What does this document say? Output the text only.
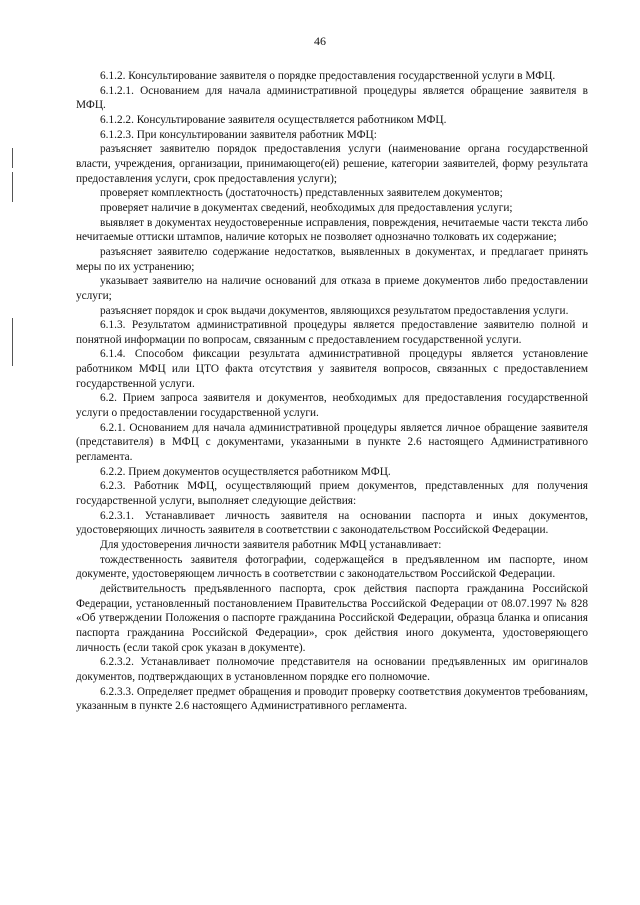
46

6.1.2. Консультирование заявителя о порядке предоставления государственной услуги в МФЦ.

6.1.2.1. Основанием для начала административной процедуры является обращение заявителя в МФЦ.

6.1.2.2. Консультирование заявителя осуществляется работником МФЦ.

6.1.2.3. При консультировании заявителя работник МФЦ:

разъясняет заявителю порядок предоставления услуги (наименование органа государственной власти, учреждения, организации, принимающего(ей) решение, категории заявителей, форму результата предоставления услуги, срок предоставления услуги);

проверяет комплектность (достаточность) представленных заявителем документов;

проверяет наличие в документах сведений, необходимых для предоставления услуги;

выявляет в документах неудостоверенные исправления, повреждения, нечитаемые части текста либо нечитаемые оттиски штампов, наличие которых не позволяет однозначно толковать их содержание;

разъясняет заявителю содержание недостатков, выявленных в документах, и предлагает принять меры по их устранению;

указывает заявителю на наличие оснований для отказа в приеме документов либо предоставлении услуги;

разъясняет порядок и срок выдачи документов, являющихся результатом предоставления услуги.

6.1.3. Результатом административной процедуры является предоставление заявителю полной и понятной информации по вопросам, связанным с предоставлением государственной услуги.

6.1.4. Способом фиксации результата административной процедуры является установление работником МФЦ или ЦТО факта отсутствия у заявителя вопросов, связанных с предоставлением государственной услуги.

6.2. Прием запроса заявителя и документов, необходимых для предоставления государственной услуги о предоставлении государственной услуги.

6.2.1. Основанием для начала административной процедуры является личное обращение заявителя (представителя) в МФЦ с документами, указанными в пункте 2.6 настоящего Административного регламента.

6.2.2. Прием документов осуществляется работником МФЦ.

6.2.3. Работник МФЦ, осуществляющий прием документов, представленных для получения государственной услуги, выполняет следующие действия:

6.2.3.1. Устанавливает личность заявителя на основании паспорта и иных документов, удостоверяющих личность заявителя в соответствии с законодательством Российской Федерации.

Для удостоверения личности заявителя работник МФЦ устанавливает:

тождественность заявителя фотографии, содержащейся в предъявленном им паспорте, ином документе, удостоверяющем личность в соответствии с законодательством Российской Федерации.

действительность предъявленного паспорта, срок действия паспорта гражданина Российской Федерации, установленный постановлением Правительства Российской Федерации от 08.07.1997 № 828 «Об утверждении Положения о паспорте гражданина Российской Федерации, образца бланка и описания паспорта гражданина Российской Федерации», срок действия иного документа, удостоверяющего личность (если такой срок указан в документе).

6.2.3.2. Устанавливает полномочие представителя на основании предъявленных им оригиналов документов, подтверждающих в установленном порядке его полномочие.

6.2.3.3. Определяет предмет обращения и проводит проверку соответствия документов требованиям, указанным в пункте 2.6 настоящего Административного регламента.
